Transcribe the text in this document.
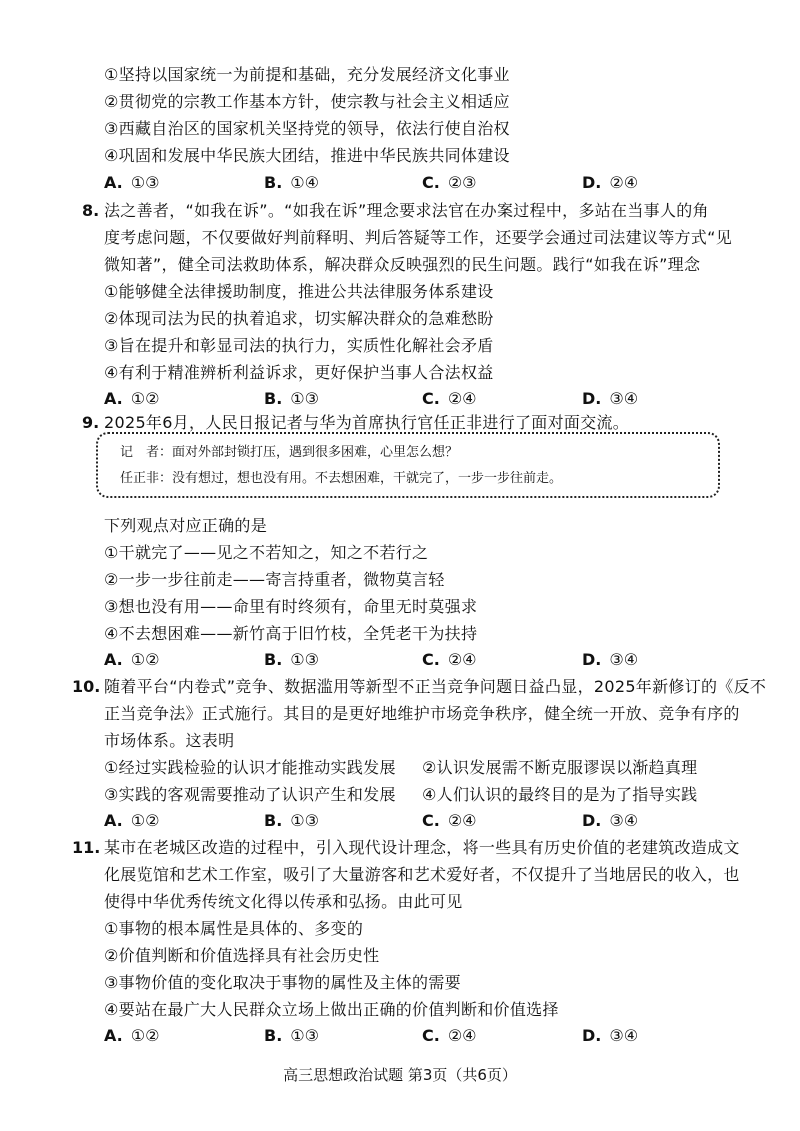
①坚持以国家统一为前提和基础，充分发展经济文化事业
②贯彻党的宗教工作基本方针，使宗教与社会主义相适应
③西藏自治区的国家机关坚持党的领导，依法行使自治权
④巩固和发展中华民族大团结，推进中华民族共同体建设
A. ①③	B. ①④	C. ②③	D. ②④
8. 法之善者，“如我在诉”。“如我在诉”理念要求法官在办案过程中，多站在当事人的角
度考虑问题，不仅要做好判前释明、判后答疑等工作，还要学会通过司法建议等方式“见
微知著”，健全司法救助体系，解决群众反映强烈的民生问题。践行“如我在诉”理念
①能够健全法律援助制度，推进公共法律服务体系建设
②体现司法为民的执着追求，切实解决群众的急难愁盼
③旨在提升和彰显司法的执行力，实质性化解社会矛盾
④有利于精准辨析利益诉求，更好保护当事人合法权益
A. ①②	B. ①③	C. ②④	D. ③④
9. 2025年6月，人民日报记者与华为首席执行官任正非进行了面对面交流。
记　者：面对外部封锁打压，遇到很多困难，心里怎么想？
任正非：没有想过，想也没有用。不去想困难，干就完了，一步一步往前走。
下列观点对应正确的是
①干就完了——见之不若知之，知之不若行之
②一步一步往前走——寄言持重者，微物莫言轻
③想也没有用——命里有时终须有，命里无时莫强求
④不去想困难——新竹高于旧竹枝，全凭老干为扶持
A. ①②	B. ①③	C. ②④	D. ③④
10. 随着平台“内卷式”竞争、数据滥用等新型不正当竞争问题日益凸显，2025年新修订的《反不
正当竞争法》正式施行。其目的是更好地维护市场竞争秩序，健全统一开放、竞争有序的
市场体系。这表明
①经过实践检验的认识才能推动实践发展 ②认识发展需不断克服谬误以渐趋真理
③实践的客观需要推动了认识产生和发展 ④人们认识的最终目的是为了指导实践
A. ①②	B. ①③	C. ②④	D. ③④
11. 某市在老城区改造的过程中，引入现代设计理念，将一些具有历史价值的老建筑改造成文
化展览馆和艺术工作室，吸引了大量游客和艺术爱好者，不仅提升了当地居民的收入，也
使得中华优秀传统文化得以传承和弘扬。由此可见
①事物的根本属性是具体的、多变的
②价值判断和价值选择具有社会历史性
③事物价值的变化取决于事物的属性及主体的需要
④要站在最广大人民群众立场上做出正确的价值判断和价值选择
A. ①②	B. ①③	C. ②④	D. ③④
高三思想政治试题 第3页（共6页）
